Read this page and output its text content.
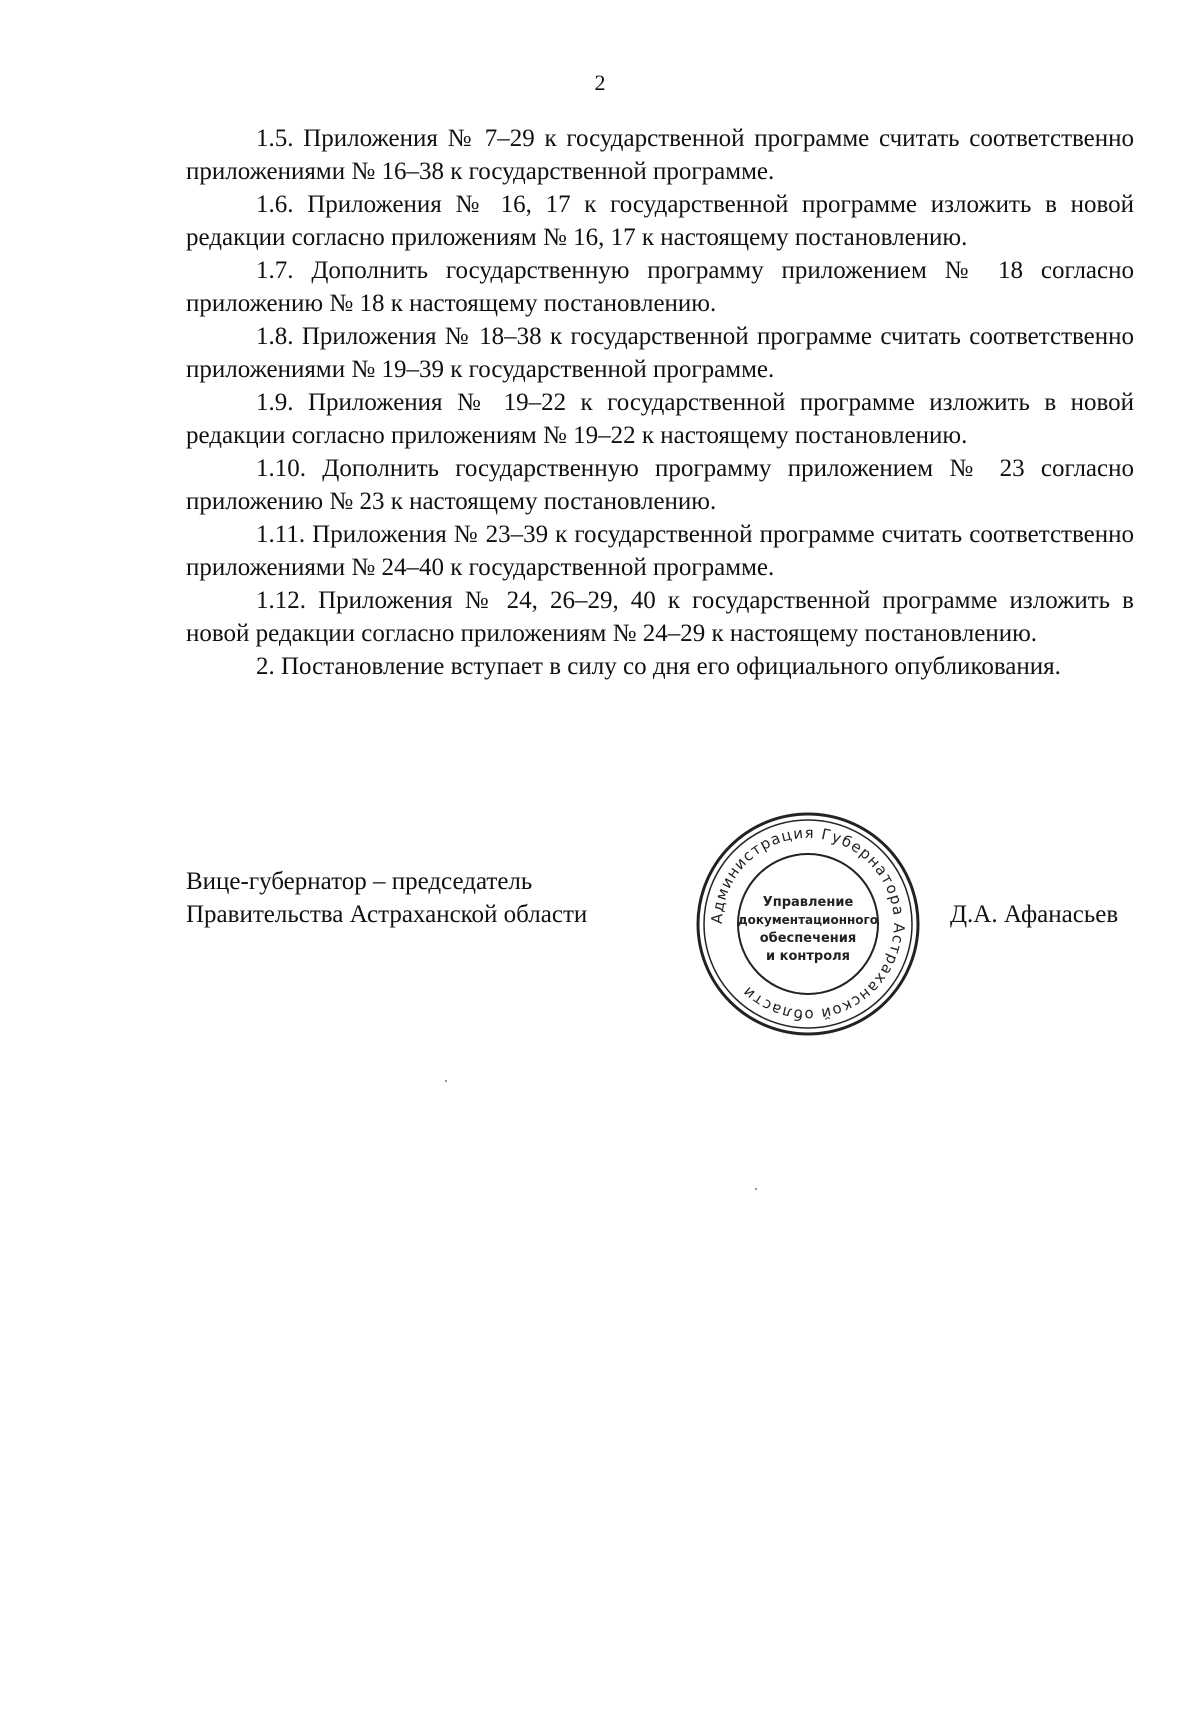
2

1.5. Приложения № 7–29 к государственной программе считать соответственно приложениями № 16–38 к государственной программе.

1.6. Приложения № 16, 17 к государственной программе изложить в новой редакции согласно приложениям № 16, 17 к настоящему постановлению.

1.7. Дополнить государственную программу приложением № 18 согласно приложению № 18 к настоящему постановлению.

1.8. Приложения № 18–38 к государственной программе считать соответственно приложениями № 19–39 к государственной программе.

1.9. Приложения № 19–22 к государственной программе изложить в новой редакции согласно приложениям № 19–22 к настоящему постановлению.

1.10. Дополнить государственную программу приложением № 23 согласно приложению № 23 к настоящему постановлению.

1.11. Приложения № 23–39 к государственной программе считать соответственно приложениями № 24–40 к государственной программе.

1.12. Приложения № 24, 26–29, 40 к государственной программе изложить в новой редакции согласно приложениям № 24–29 к настоящему постановлению.

2. Постановление вступает в силу со дня его официального опубликования.

Вице-губернатор – председатель
Правительства Астраханской области	Администрация Губернатора Астраханской области
Управление
документационного
обеспечения
и контроля
Д.А. Афанасьев
